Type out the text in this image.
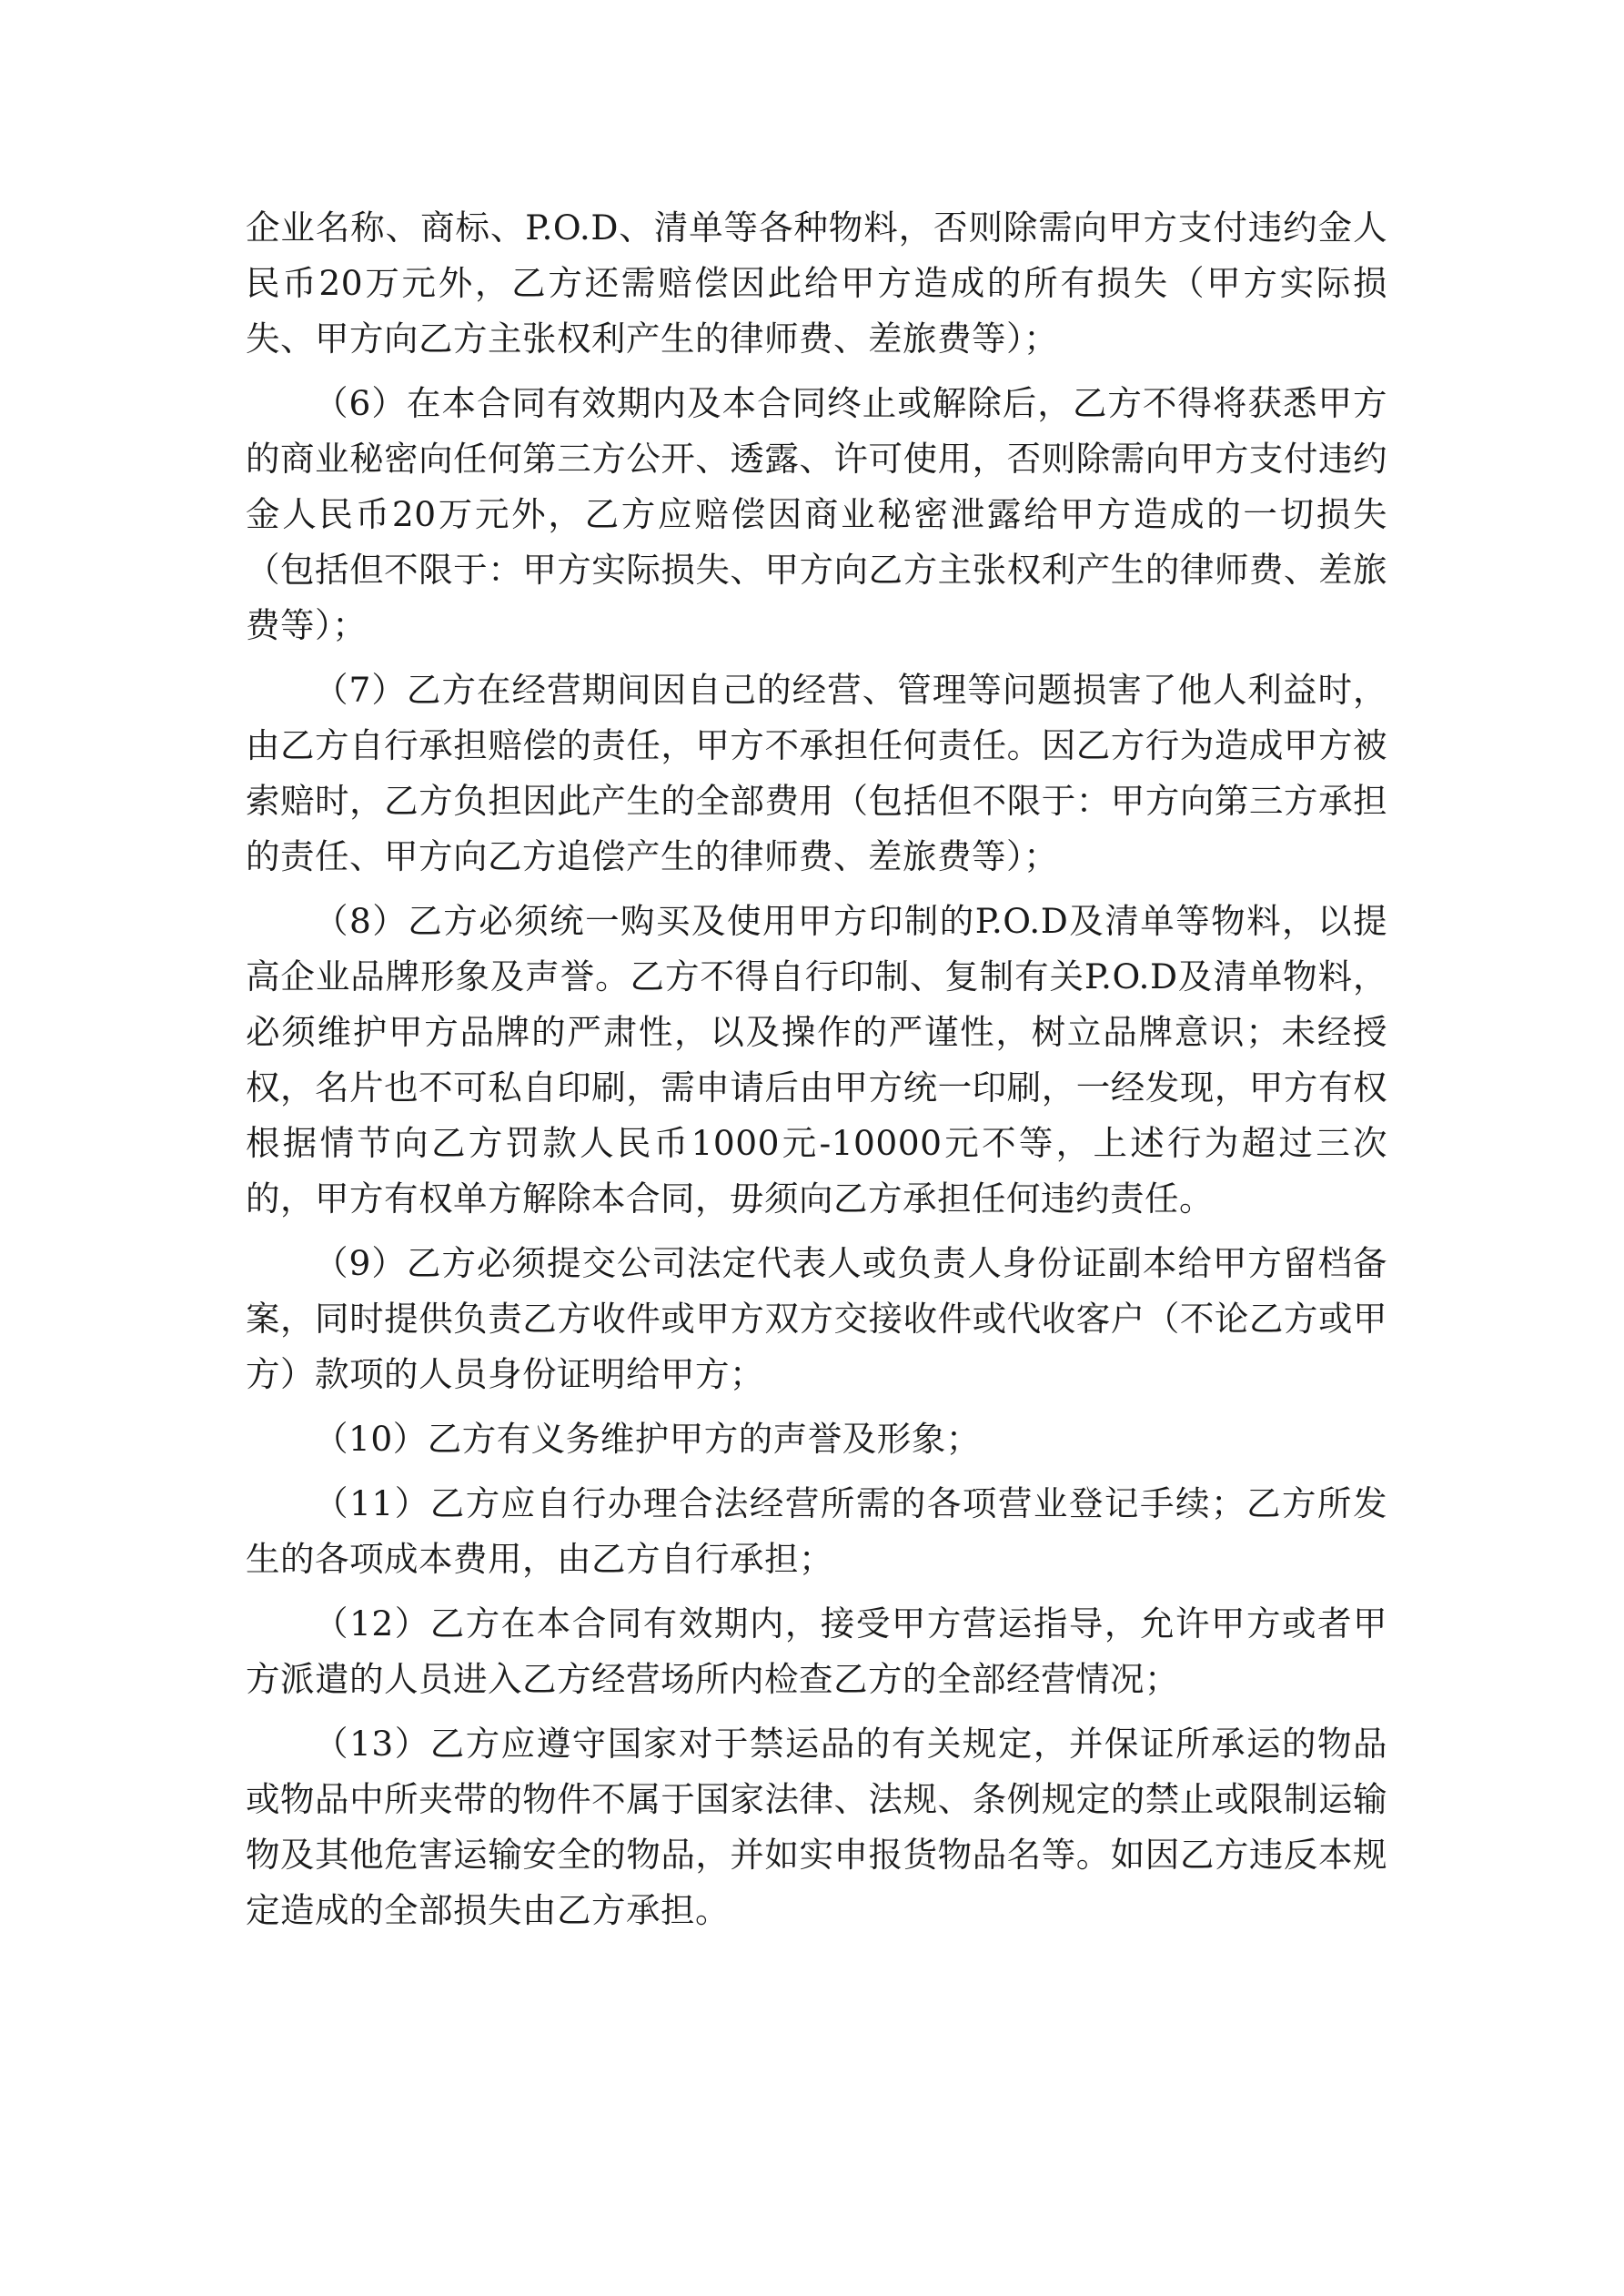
企业名称、商标、P.O.D、清单等各种物料，否则除需向甲方支付违约金人民币20万元外，乙方还需赔偿因此给甲方造成的所有损失（甲方实际损失、甲方向乙方主张权利产生的律师费、差旅费等）；

（6）在本合同有效期内及本合同终止或解除后，乙方不得将获悉甲方的商业秘密向任何第三方公开、透露、许可使用，否则除需向甲方支付违约金人民币20万元外，乙方应赔偿因商业秘密泄露给甲方造成的一切损失（包括但不限于：甲方实际损失、甲方向乙方主张权利产生的律师费、差旅费等）；

（7）乙方在经营期间因自己的经营、管理等问题损害了他人利益时，由乙方自行承担赔偿的责任，甲方不承担任何责任。因乙方行为造成甲方被索赔时，乙方负担因此产生的全部费用（包括但不限于：甲方向第三方承担的责任、甲方向乙方追偿产生的律师费、差旅费等）；

（8）乙方必须统一购买及使用甲方印制的P.O.D及清单等物料，以提高企业品牌形象及声誉。乙方不得自行印制、复制有关P.O.D及清单物料，必须维护甲方品牌的严肃性，以及操作的严谨性，树立品牌意识；未经授权，名片也不可私自印刷，需申请后由甲方统一印刷，一经发现，甲方有权根据情节向乙方罚款人民币1000元-10000元不等，上述行为超过三次的，甲方有权单方解除本合同，毋须向乙方承担任何违约责任。

（9）乙方必须提交公司法定代表人或负责人身份证副本给甲方留档备案，同时提供负责乙方收件或甲方双方交接收件或代收客户（不论乙方或甲方）款项的人员身份证明给甲方；

（10）乙方有义务维护甲方的声誉及形象；

（11）乙方应自行办理合法经营所需的各项营业登记手续；乙方所发生的各项成本费用，由乙方自行承担；

（12）乙方在本合同有效期内，接受甲方营运指导，允许甲方或者甲方派遣的人员进入乙方经营场所内检查乙方的全部经营情况；

（13）乙方应遵守国家对于禁运品的有关规定，并保证所承运的物品或物品中所夹带的物件不属于国家法律、法规、条例规定的禁止或限制运输物及其他危害运输安全的物品，并如实申报货物品名等。如因乙方违反本规定造成的全部损失由乙方承担。
